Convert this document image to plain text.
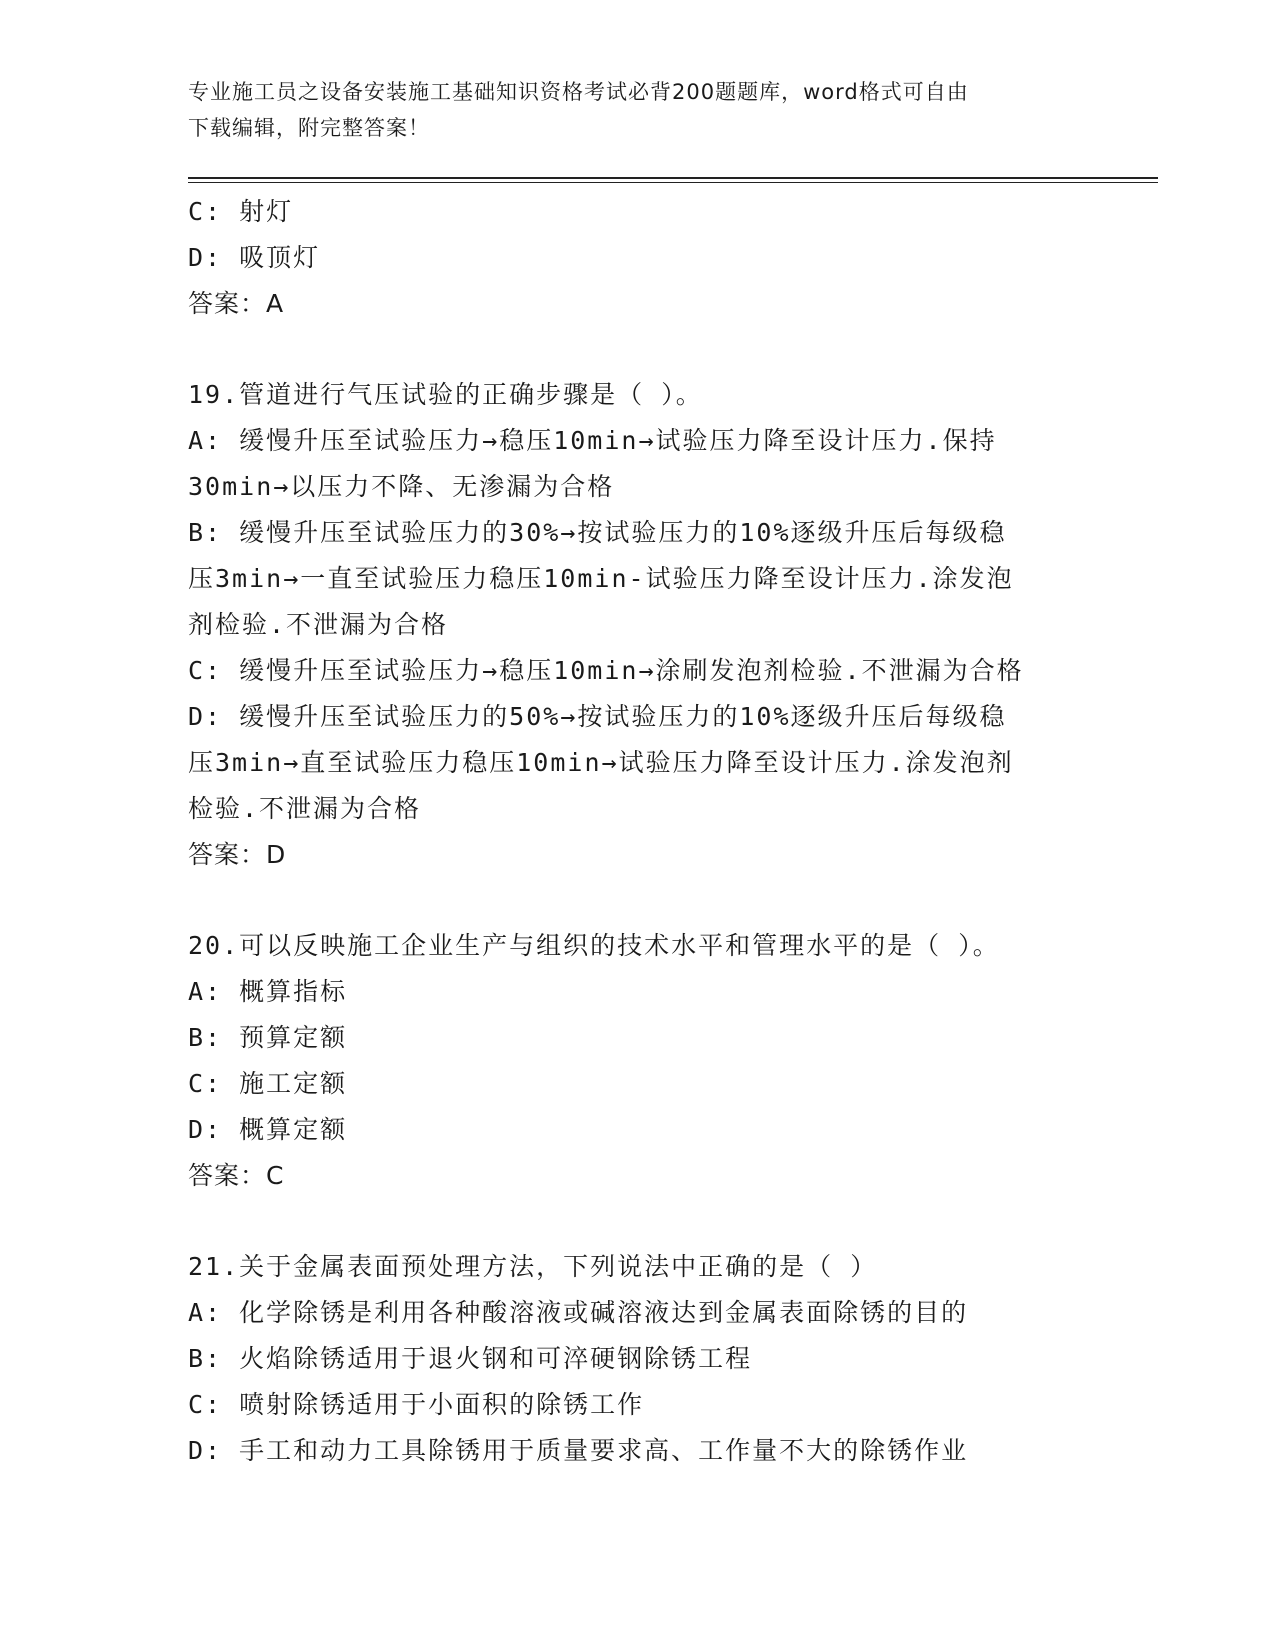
专业施工员之设备安装施工基础知识资格考试必背200题题库，word格式可自由
下载编辑，附完整答案！
C: 射灯
D: 吸顶灯
答案：A
19.管道进行气压试验的正确步骤是（ ）。
A: 缓慢升压至试验压力→稳压10min→试验压力降至设计压力.保持
30min→以压力不降、无渗漏为合格
B: 缓慢升压至试验压力的30%→按试验压力的10%逐级升压后每级稳
压3min→一直至试验压力稳压10min-试验压力降至设计压力.涂发泡
剂检验.不泄漏为合格
C: 缓慢升压至试验压力→稳压10min→涂刷发泡剂检验.不泄漏为合格
D: 缓慢升压至试验压力的50%→按试验压力的10%逐级升压后每级稳
压3min→直至试验压力稳压10min→试验压力降至设计压力.涂发泡剂
检验.不泄漏为合格
答案：D
20.可以反映施工企业生产与组织的技术水平和管理水平的是（ ）。
A: 概算指标
B: 预算定额
C: 施工定额
D: 概算定额
答案：C
21.关于金属表面预处理方法，下列说法中正确的是（ ）
A: 化学除锈是利用各种酸溶液或碱溶液达到金属表面除锈的目的
B: 火焰除锈适用于退火钢和可淬硬钢除锈工程
C: 喷射除锈适用于小面积的除锈工作
D: 手工和动力工具除锈用于质量要求高、工作量不大的除锈作业
